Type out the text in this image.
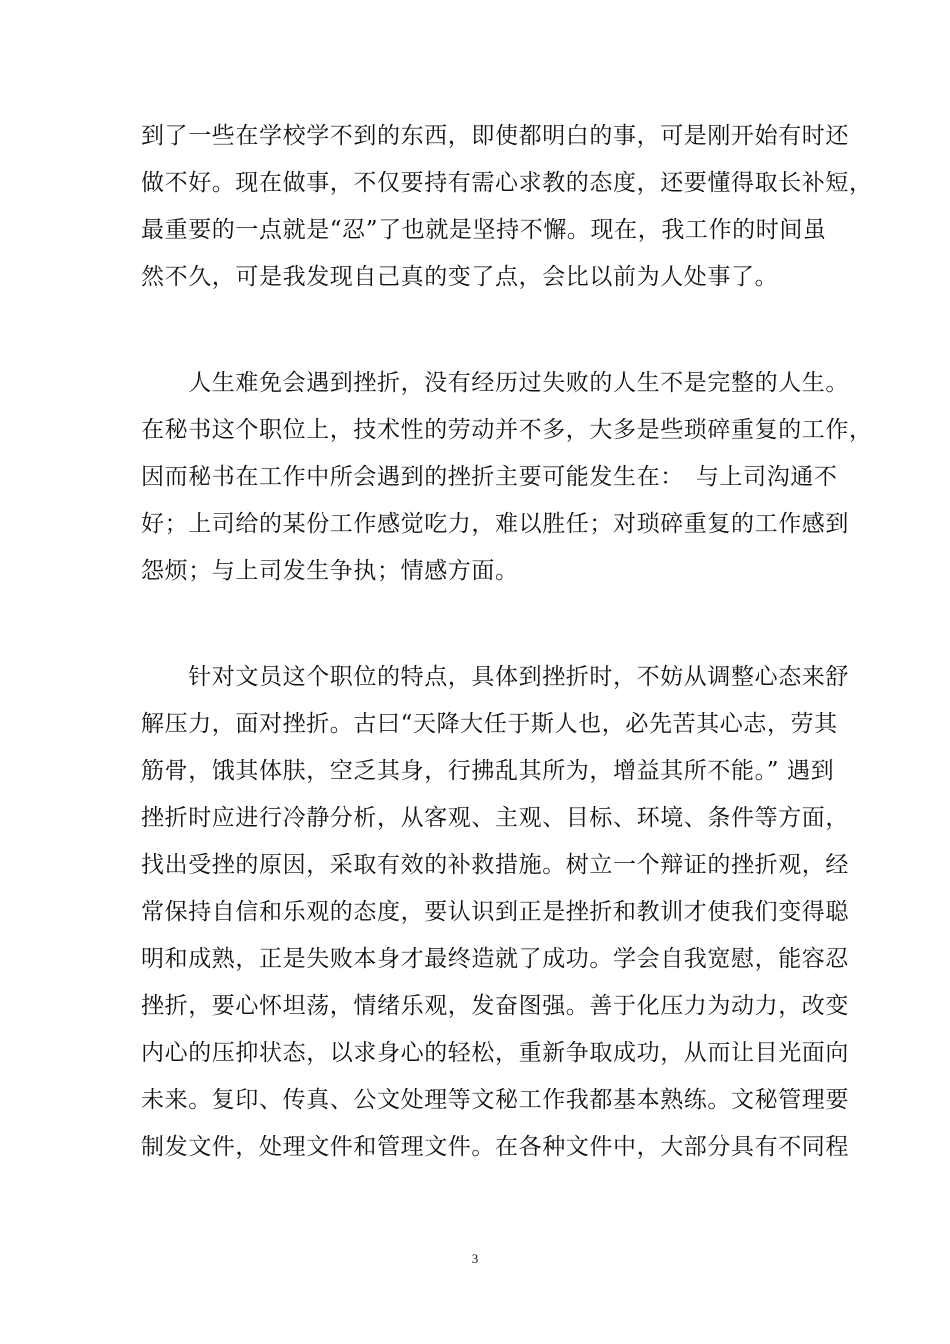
到了一些在学校学不到的东西，即使都明白的事，可是刚开始有时还
做不好。现在做事，不仅要持有需心求教的态度，还要懂得取长补短，
最重要的一点就是“忍”了也就是坚持不懈。现在，我工作的时间虽
然不久，可是我发现自己真的变了点，会比以前为人处事了。
　　人生难免会遇到挫折，没有经历过失败的人生不是完整的人生。
在秘书这个职位上，技术性的劳动并不多，大多是些琐碎重复的工作，
因而秘书在工作中所会遇到的挫折主要可能发生在：　与上司沟通不
好；上司给的某份工作感觉吃力，难以胜任；对琐碎重复的工作感到
怨烦；与上司发生争执；情感方面。
　　针对文员这个职位的特点，具体到挫折时，不妨从调整心态来舒
解压力，面对挫折。古曰“天降大任于斯人也，必先苦其心志，劳其
筋骨，饿其体肤，空乏其身，行拂乱其所为，增益其所不能。” 遇到
挫折时应进行冷静分析，从客观、主观、目标、环境、条件等方面，
找出受挫的原因，采取有效的补救措施。树立一个辩证的挫折观，经
常保持自信和乐观的态度，要认识到正是挫折和教训才使我们变得聪
明和成熟，正是失败本身才最终造就了成功。学会自我宽慰，能容忍
挫折，要心怀坦荡，情绪乐观，发奋图强。善于化压力为动力，改变
内心的压抑状态，以求身心的轻松，重新争取成功，从而让目光面向
未来。复印、传真、公文处理等文秘工作我都基本熟练。文秘管理要
制发文件，处理文件和管理文件。在各种文件中，大部分具有不同程
3
